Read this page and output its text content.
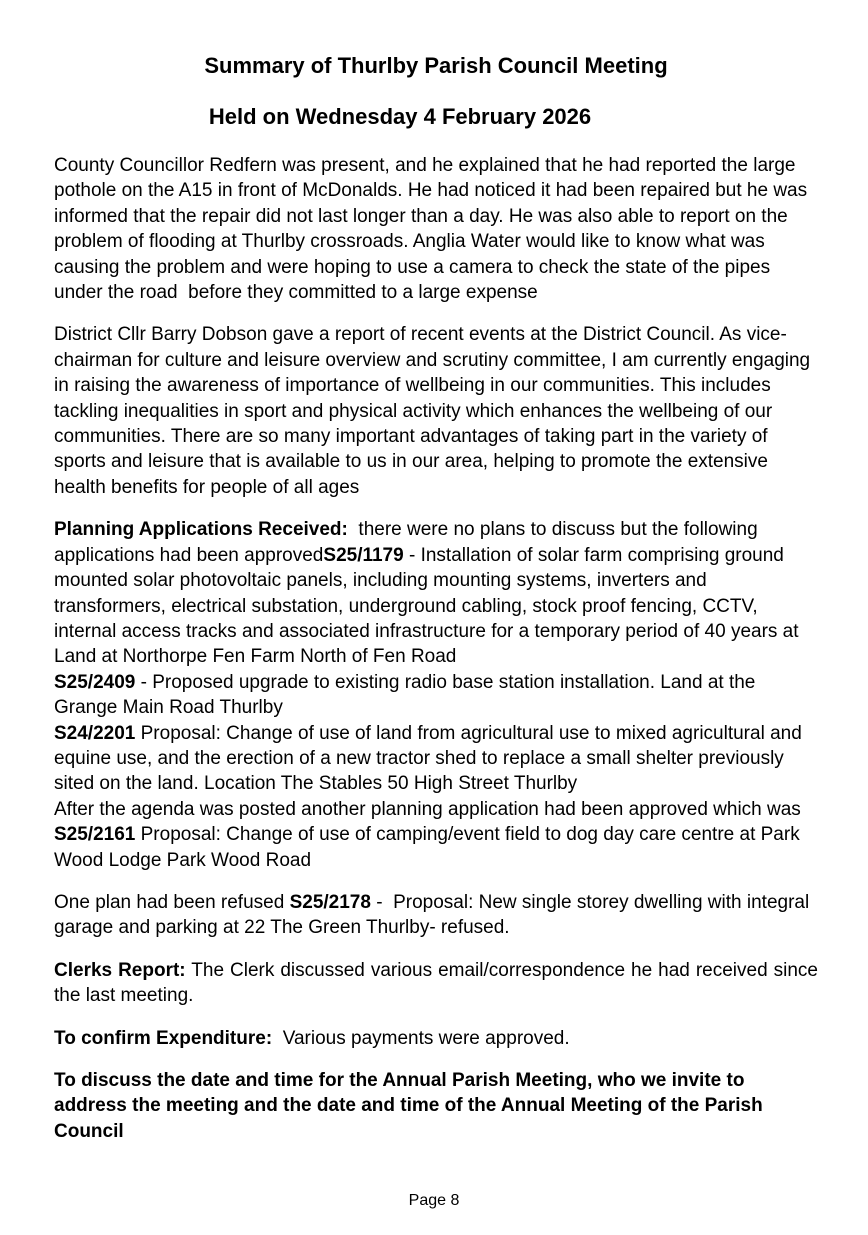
Summary of Thurlby Parish Council Meeting
Held on Wednesday 4 February 2026

County Councillor Redfern was present, and he explained that he had reported the large pothole on the A15 in front of McDonalds. He had noticed it had been repaired but he was informed that the repair did not last longer than a day. He was also able to report on the problem of flooding at Thurlby crossroads. Anglia Water would like to know what was causing the problem and were hoping to use a camera to check the state of the pipes under the road  before they committed to a large expense

District Cllr Barry Dobson gave a report of recent events at the District Council. As vice-chairman for culture and leisure overview and scrutiny committee, I am currently engaging in raising the awareness of importance of wellbeing in our communities. This includes tackling inequalities in sport and physical activity which enhances the wellbeing of our communities. There are so many important advantages of taking part in the variety of sports and leisure that is available to us in our area, helping to promote the extensive health benefits for people of all ages

Planning Applications Received:  there were no plans to discuss but the following applications had been approvedS25/1179 - Installation of solar farm comprising ground mounted solar photovoltaic panels, including mounting systems, inverters and transformers, electrical substation, underground cabling, stock proof fencing, CCTV, internal access tracks and associated infrastructure for a temporary period of 40 years at Land at Northorpe Fen Farm North of Fen Road
S25/2409 - Proposed upgrade to existing radio base station installation. Land at the Grange Main Road Thurlby
S24/2201 Proposal: Change of use of land from agricultural use to mixed agricultural and equine use, and the erection of a new tractor shed to replace a small shelter previously sited on the land. Location The Stables 50 High Street Thurlby
After the agenda was posted another planning application had been approved which was S25/2161 Proposal: Change of use of camping/event field to dog day care centre at Park Wood Lodge Park Wood Road

One plan had been refused S25/2178 -  Proposal: New single storey dwelling with integral garage and parking at 22 The Green Thurlby- refused.

Clerks Report: The Clerk discussed various email/correspondence he had received since the last meeting.

To confirm Expenditure:  Various payments were approved.

To discuss the date and time for the Annual Parish Meeting, who we invite to address the meeting and the date and time of the Annual Meeting of the Parish Council

Page 8
